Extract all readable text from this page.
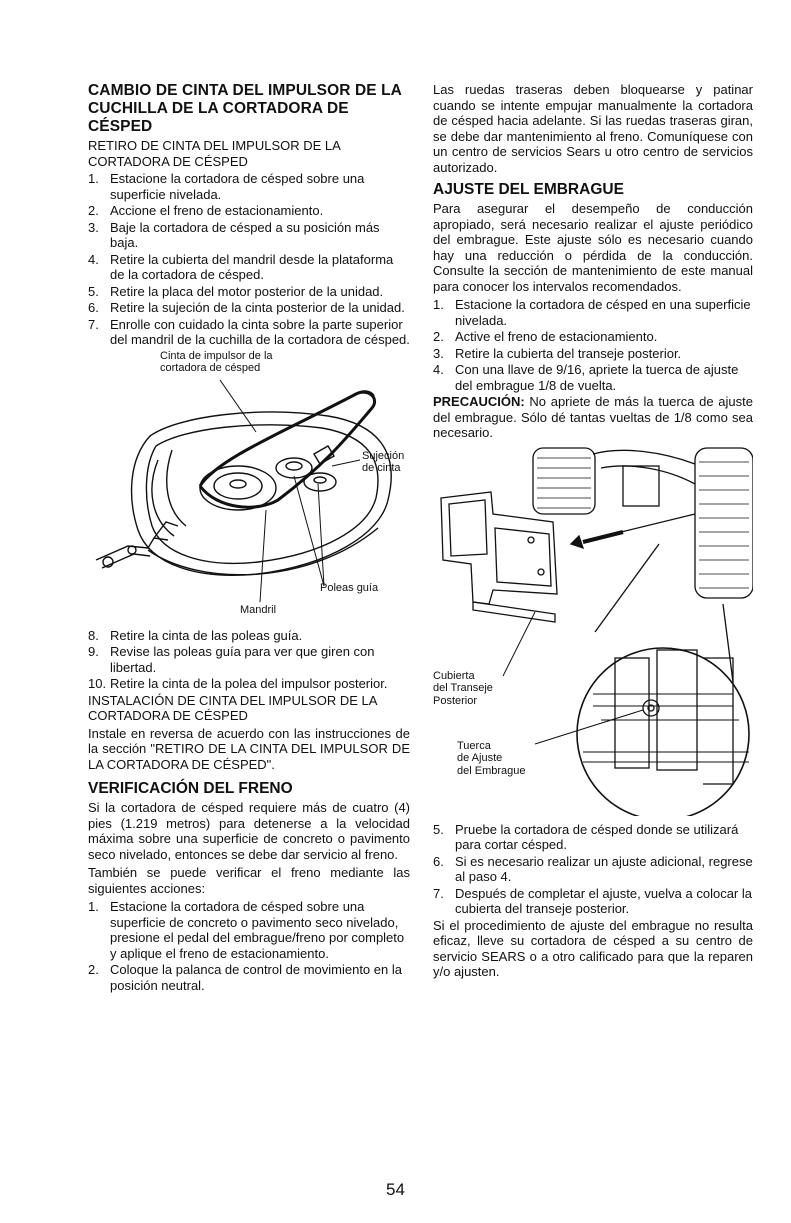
CAMBIO DE CINTA DEL IMPULSOR DE LA CUCHILLA DE LA CORTADORA DE CÉSPED
RETIRO DE CINTA DEL IMPULSOR DE LA CORTADORA DE CÉSPED
1. Estacione la cortadora de césped sobre una superficie nivelada.
2. Accione el freno de estacionamiento.
3. Baje la cortadora de césped a su posición más baja.
4. Retire la cubierta del mandril desde la plataforma de la cortadora de césped.
5. Retire la placa del motor posterior de la unidad.
6. Retire la sujeción de la cinta posterior de la unidad.
7. Enrolle con cuidado la cinta sobre la parte superior del mandril de la cuchilla de la cortadora de césped.
Cinta de impulsor de la
cortadora de césped
Sujeción
de cinta
Poleas guía
Mandril
8. Retire la cinta de las poleas guía.
9. Revise las poleas guía para ver que giren con libertad.
10. Retire la cinta de la polea del impulsor posterior.
INSTALACIÓN DE CINTA DEL IMPULSOR DE LA CORTADORA DE CÉSPED

Instale en reversa de acuerdo con las instrucciones de la sección "RETIRO DE LA CINTA DEL IMPULSOR DE LA CORTADORA DE CÉSPED".

VERIFICACIÓN DEL FRENO

Si la cortadora de césped requiere más de cuatro (4) pies (1.219 metros) para detenerse a la velocidad máxima sobre una superficie de concreto o pavimento seco nivelado, entonces se debe dar servicio al freno.

También se puede verificar el freno mediante las siguientes acciones:

1. Estacione la cortadora de césped sobre una superficie de concreto o pavimento seco nivelado, presione el pedal del embrague/freno por completo y aplique el freno de estacionamiento.
2. Coloque la palanca de control de movimiento en la posición neutral.

Las ruedas traseras deben bloquearse y patinar cuando se intente empujar manualmente la cortadora de césped hacia adelante. Si las ruedas traseras giran, se debe dar mantenimiento al freno. Comuníquese con un centro de servicios Sears u otro centro de servicios autorizado.

AJUSTE DEL EMBRAGUE

Para asegurar el desempeño de conducción apropiado, será necesario realizar el ajuste periódico del embrague. Este ajuste sólo es necesario cuando hay una reducción o pérdida de la conducción. Consulte la sección de mantenimiento de este manual para conocer los intervalos recomendados.

1. Estacione la cortadora de césped en una superficie nivelada.
2. Active el freno de estacionamiento.
3. Retire la cubierta del transeje posterior.
4. Con una llave de 9/16, apriete la tuerca de ajuste del embrague 1/8 de vuelta.

PRECAUCIÓN: No apriete de más la tuerca de ajuste del embrague. Sólo dé tantas vueltas de 1/8 como sea necesario.

Cubierta
del Transeje
Posterior
Tuerca
de Ajuste
del Embrague
5. Pruebe la cortadora de césped donde se utilizará para cortar césped.
6. Si es necesario realizar un ajuste adicional, regrese al paso 4.
7. Después de completar el ajuste, vuelva a colocar la cubierta del transeje posterior.

Si el procedimiento de ajuste del embrague no resulta eficaz, lleve su cortadora de césped a su centro de servicio SEARS o a otro calificado para que la reparen y/o ajusten.

54
